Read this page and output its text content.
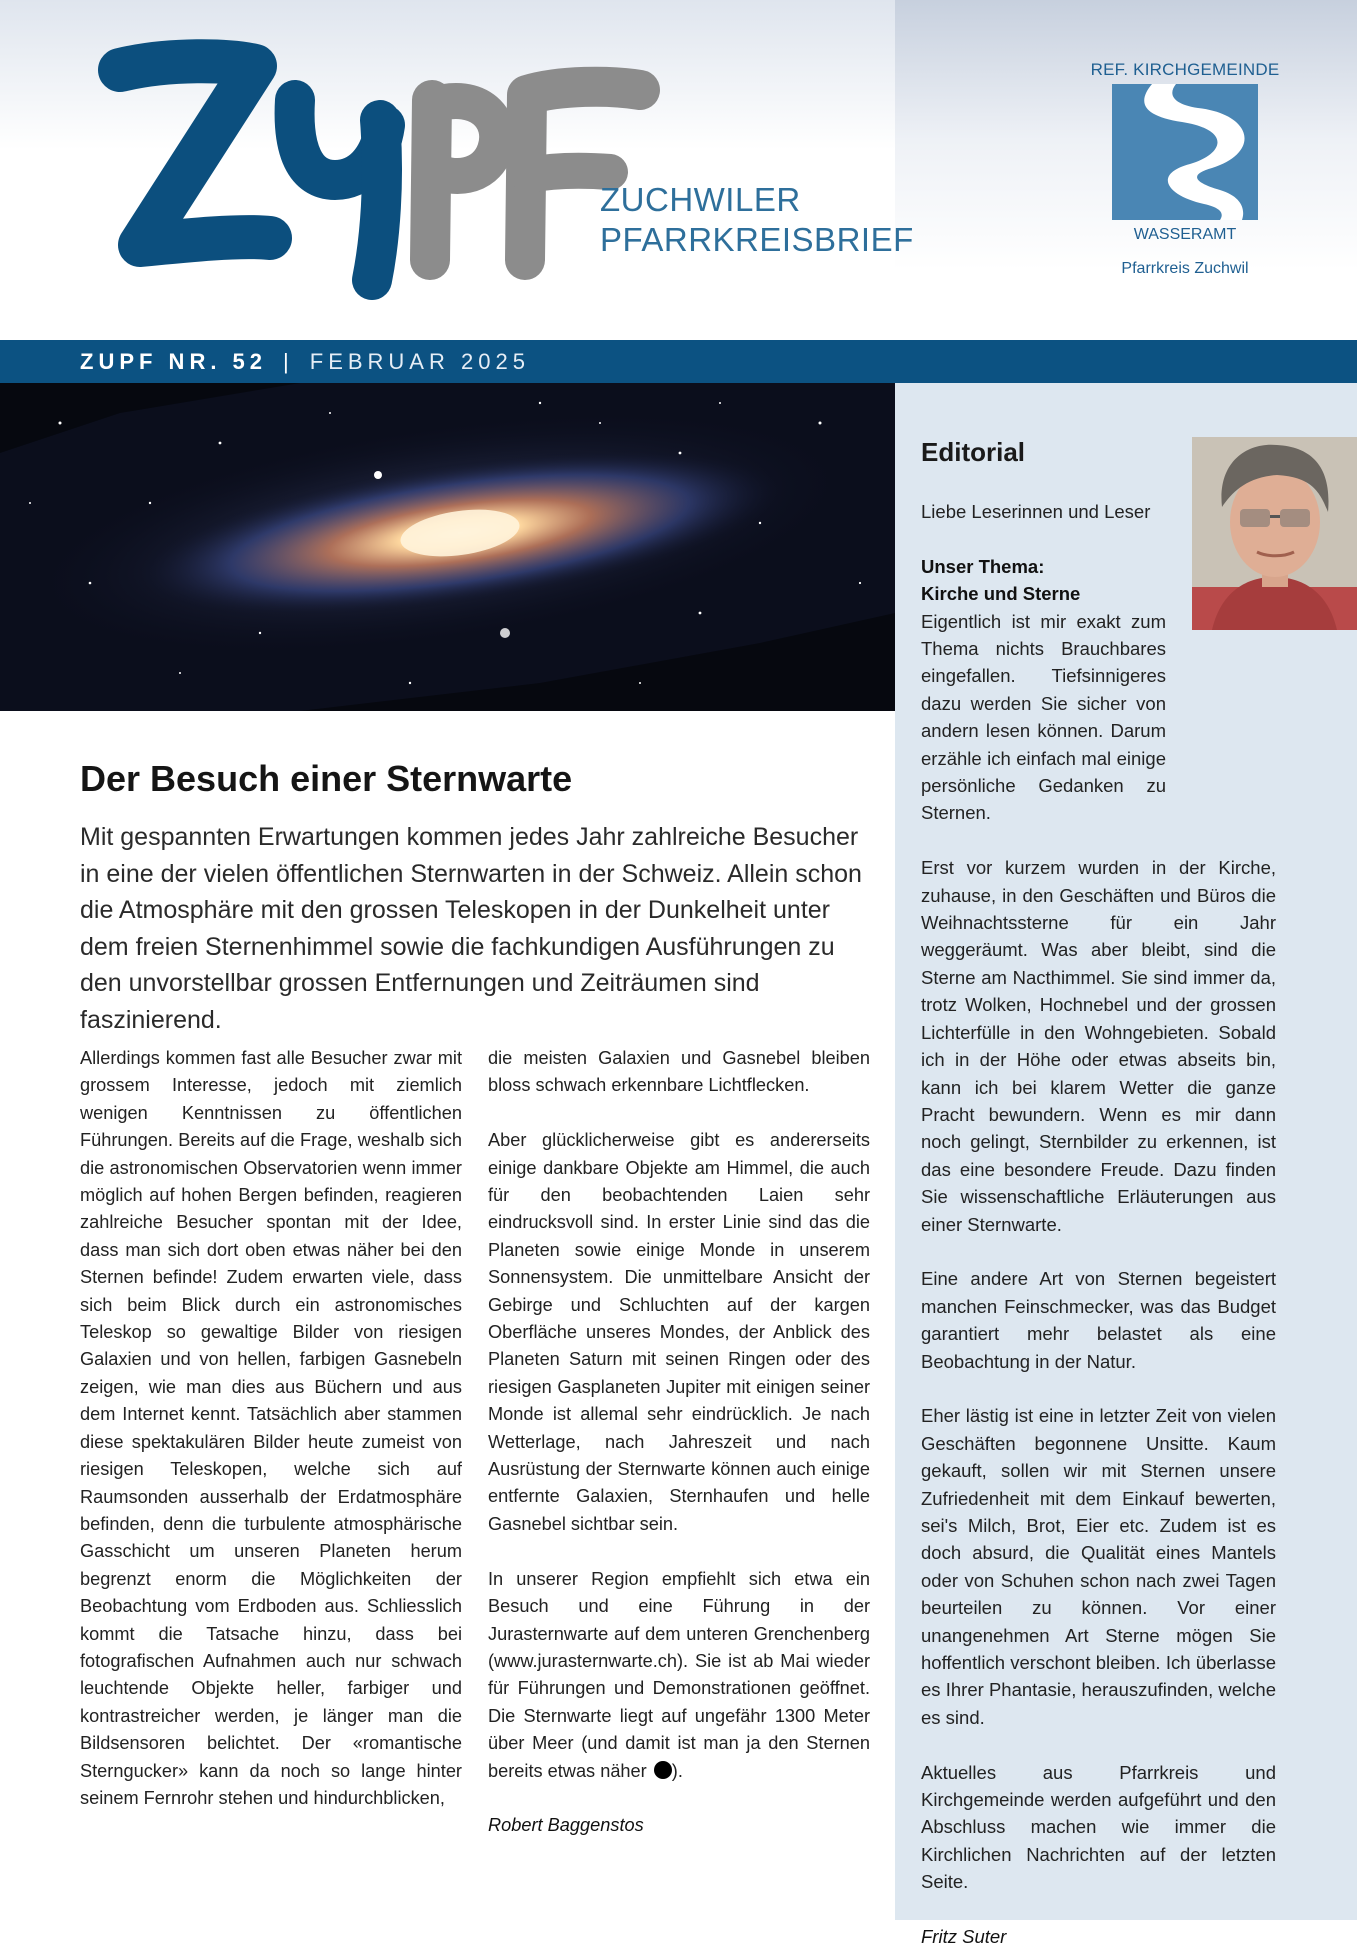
ZUCHWILER
PFARRKREISBRIEF
REF. KIRCHGEMEINDE
WASSERAMT
Pfarrkreis Zuchwil
ZUPF NR. 52 | FEBRUAR 2025
Editorial

Liebe Leserinnen und Leser

Unser Thema:
Kirche und Sterne

Eigentlich ist mir exakt zum Thema nichts Brauchbares eingefallen. Tiefsinnigeres dazu werden Sie sicher von andern lesen können. Darum erzähle ich einfach mal einige persönliche Gedanken zu Sternen.

Erst vor kurzem wurden in der Kirche, zuhause, in den Geschäften und Büros die Weihnachtssterne für ein Jahr weggeräumt. Was aber bleibt, sind die Sterne am Nacthimmel. Sie sind immer da, trotz Wolken, Hochnebel und der grossen Lichterfülle in den Wohngebieten. Sobald ich in der Höhe oder etwas abseits bin, kann ich bei klarem Wetter die ganze Pracht bewundern. Wenn es mir dann noch gelingt, Sternbilder zu erkennen, ist das eine besondere Freude. Dazu finden Sie wissenschaftliche Erläuterungen aus einer Sternwarte.

Eine andere Art von Sternen begeistert manchen Feinschmecker, was das Budget garantiert mehr belastet als eine Beobachtung in der Natur.

Eher lästig ist eine in letzter Zeit von vielen Geschäften begonnene Unsitte. Kaum gekauft, sollen wir mit Sternen unsere Zufriedenheit mit dem Einkauf bewerten, sei's Milch, Brot, Eier etc. Zudem ist es doch absurd, die Qualität eines Mantels oder von Schuhen schon nach zwei Tagen beurteilen zu können. Vor einer unangenehmen Art Sterne mögen Sie hoffentlich verschont bleiben. Ich überlasse es Ihrer Phantasie, herauszufinden, welche es sind.

Aktuelles aus Pfarrkreis und Kirchgemeinde werden aufgeführt und den Abschluss machen wie immer die Kirchlichen Nachrichten auf der letzten Seite.

Fritz Suter
Der Besuch einer Sternwarte
Mit gespannten Erwartungen kommen jedes Jahr zahlreiche Besucher in eine der vielen öffentlichen Sternwarten in der Schweiz. Allein schon die Atmosphäre mit den grossen Teleskopen in der Dunkelheit unter dem freien Sternenhimmel sowie die fachkundigen Ausführungen zu den unvorstellbar grossen Entfernungen und Zeiträumen sind faszinierend.

Allerdings kommen fast alle Besucher zwar mit grossem Interesse, jedoch mit ziemlich wenigen Kenntnissen zu öffentlichen Führungen. Bereits auf die Frage, weshalb sich die astronomischen Observatorien wenn immer möglich auf hohen Bergen befinden, reagieren zahlreiche Besucher spontan mit der Idee, dass man sich dort oben etwas näher bei den Sternen befinde! Zudem erwarten viele, dass sich beim Blick durch ein astronomisches Teleskop so gewaltige Bilder von riesigen Galaxien und von hellen, farbigen Gasnebeln zeigen, wie man dies aus Büchern und aus dem Internet kennt. Tatsächlich aber stammen diese spektakulären Bilder heute zumeist von riesigen Teleskopen, welche sich auf Raumsonden ausserhalb der Erdatmosphäre befinden, denn die turbulente atmosphärische Gasschicht um unseren Planeten herum begrenzt enorm die Möglichkeiten der Beobachtung vom Erdboden aus. Schliesslich kommt die Tatsache hinzu, dass bei fotografischen Aufnahmen auch nur schwach leuchtende Objekte heller, farbiger und kontrastreicher werden, je länger man die Bildsensoren belichtet. Der «romantische Sterngucker» kann da noch so lange hinter seinem Fernrohr stehen und hindurchblicken,

die meisten Galaxien und Gasnebel bleiben bloss schwach erkennbare Lichtflecken.

Aber glücklicherweise gibt es andererseits einige dankbare Objekte am Himmel, die auch für den beobachtenden Laien sehr eindrucksvoll sind. In erster Linie sind das die Planeten sowie einige Monde in unserem Sonnensystem. Die unmittelbare Ansicht der Gebirge und Schluchten auf der kargen Oberfläche unseres Mondes, der Anblick des Planeten Saturn mit seinen Ringen oder des riesigen Gasplaneten Jupiter mit einigen seiner Monde ist allemal sehr eindrücklich. Je nach Wetterlage, nach Jahreszeit und nach Ausrüstung der Sternwarte können auch einige entfernte Galaxien, Sternhaufen und helle Gasnebel sichtbar sein.

In unserer Region empfiehlt sich etwa ein Besuch und eine Führung in der Jurasternwarte auf dem unteren Grenchenberg (www.jurasternwarte.ch). Sie ist ab Mai wieder für Führungen und Demonstrationen geöffnet. Die Sternwarte liegt auf ungefähr 1300 Meter über Meer (und damit ist man ja den Sternen bereits etwas näher ).

Robert Baggenstos
